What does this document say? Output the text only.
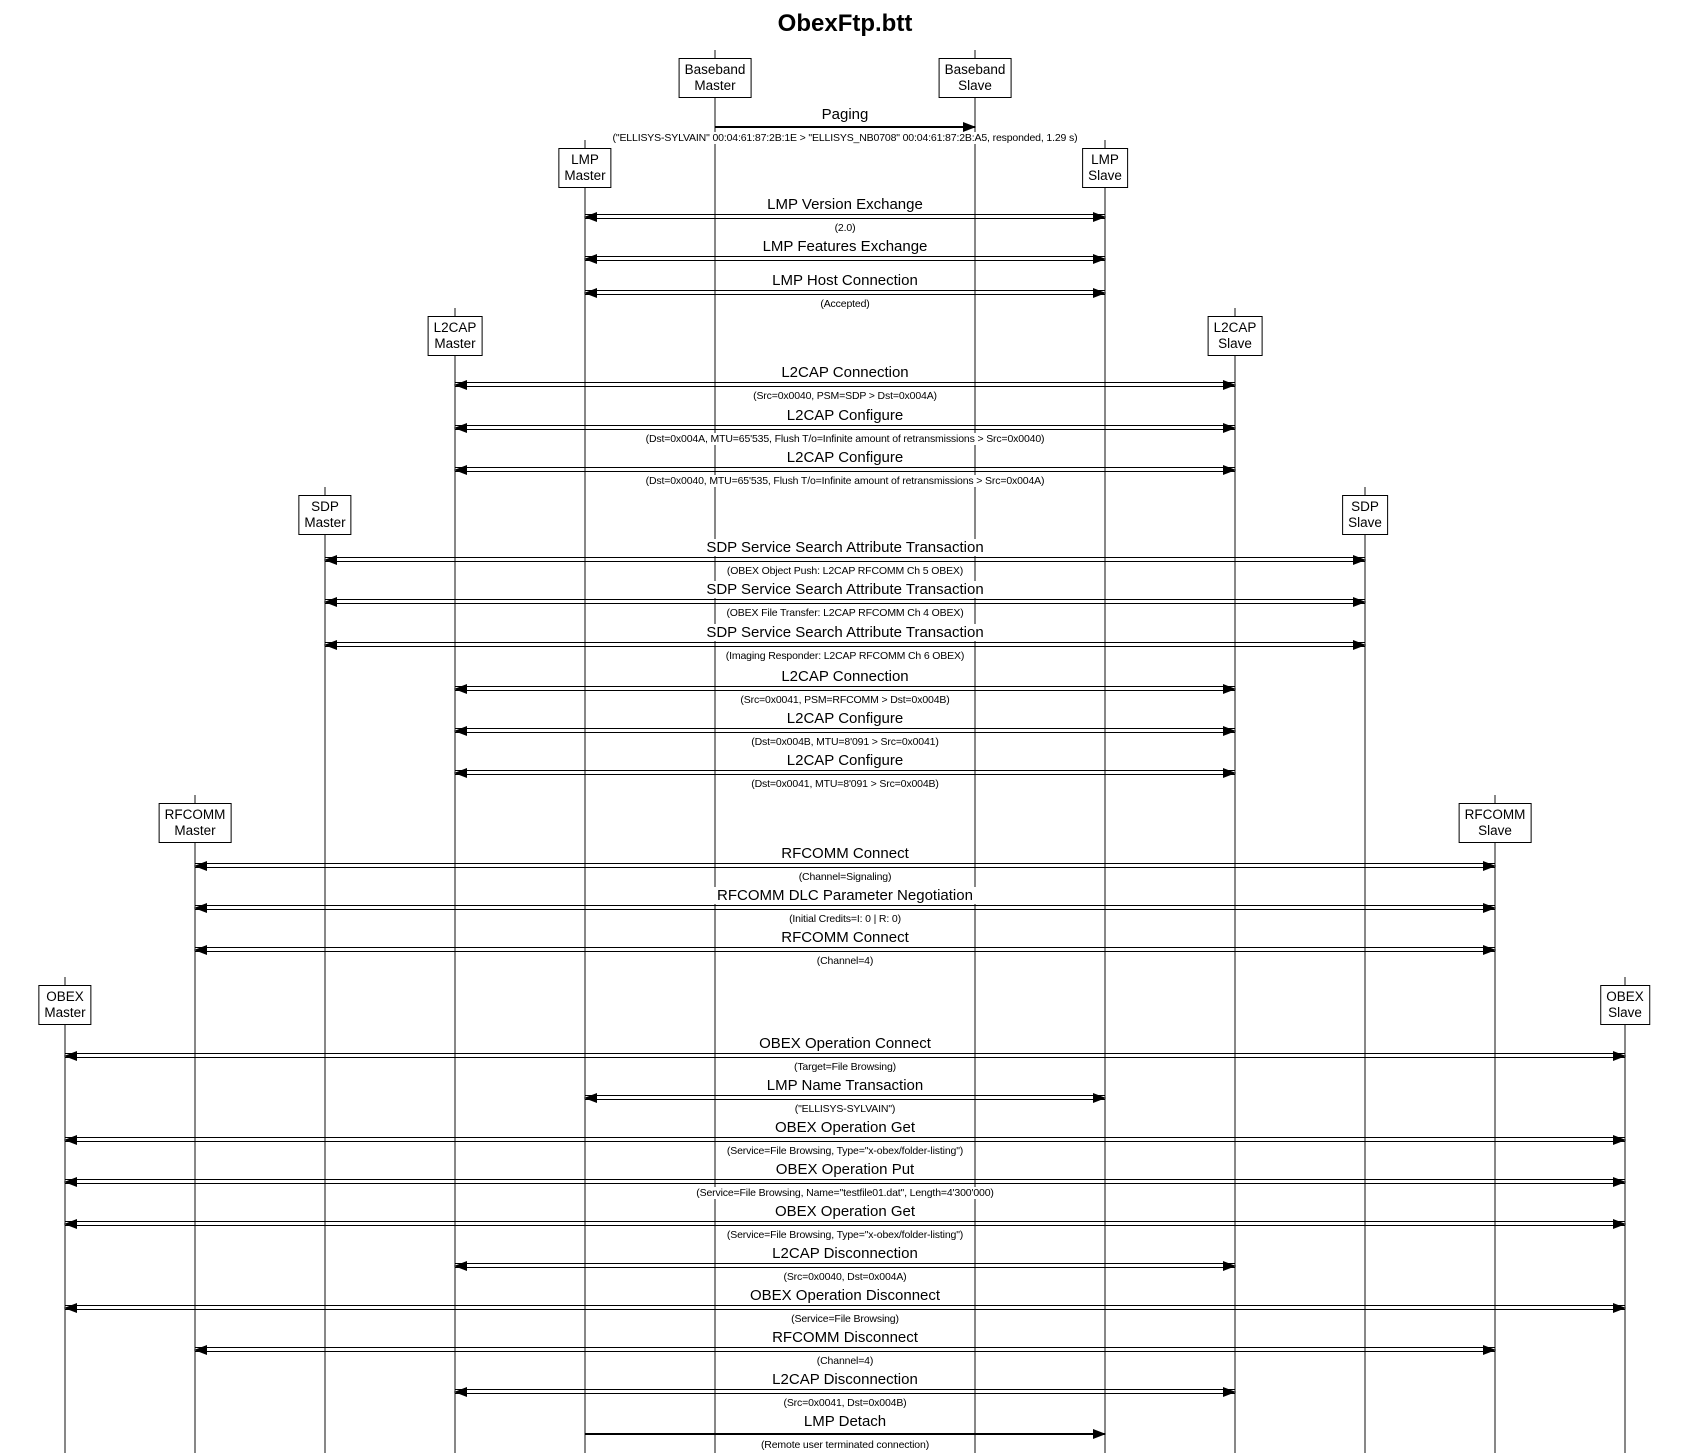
ObexFtp.btt
Baseband
Master
Baseband
Slave
LMP
Master
LMP
Slave
L2CAP
Master
L2CAP
Slave
SDP
Master
SDP
Slave
RFCOMM
Master
RFCOMM
Slave
OBEX
Master
OBEX
Slave
Paging
("ELLISYS-SYLVAIN" 00:04:61:87:2B:1E > "ELLISYS_NB0708" 00:04:61:87:2B:A5, responded, 1.29 s)
LMP Version Exchange
(2.0)
LMP Features Exchange
LMP Host Connection
(Accepted)
L2CAP Connection
(Src=0x0040, PSM=SDP > Dst=0x004A)
L2CAP Configure
(Dst=0x004A, MTU=65'535, Flush T/o=Infinite amount of retransmissions > Src=0x0040)
L2CAP Configure
(Dst=0x0040, MTU=65'535, Flush T/o=Infinite amount of retransmissions > Src=0x004A)
SDP Service Search Attribute Transaction
(OBEX Object Push: L2CAP RFCOMM Ch 5 OBEX)
SDP Service Search Attribute Transaction
(OBEX File Transfer: L2CAP RFCOMM Ch 4 OBEX)
SDP Service Search Attribute Transaction
(Imaging Responder: L2CAP RFCOMM Ch 6 OBEX)
L2CAP Connection
(Src=0x0041, PSM=RFCOMM > Dst=0x004B)
L2CAP Configure
(Dst=0x004B, MTU=8'091 > Src=0x0041)
L2CAP Configure
(Dst=0x0041, MTU=8'091 > Src=0x004B)
RFCOMM Connect
(Channel=Signaling)
RFCOMM DLC Parameter Negotiation
(Initial Credits=I: 0 | R: 0)
RFCOMM Connect
(Channel=4)
OBEX Operation Connect
(Target=File Browsing)
LMP Name Transaction
("ELLISYS-SYLVAIN")
OBEX Operation Get
(Service=File Browsing, Type="x-obex/folder-listing")
OBEX Operation Put
(Service=File Browsing, Name="testfile01.dat", Length=4'300'000)
OBEX Operation Get
(Service=File Browsing, Type="x-obex/folder-listing")
L2CAP Disconnection
(Src=0x0040, Dst=0x004A)
OBEX Operation Disconnect
(Service=File Browsing)
RFCOMM Disconnect
(Channel=4)
L2CAP Disconnection
(Src=0x0041, Dst=0x004B)
LMP Detach
(Remote user terminated connection)
